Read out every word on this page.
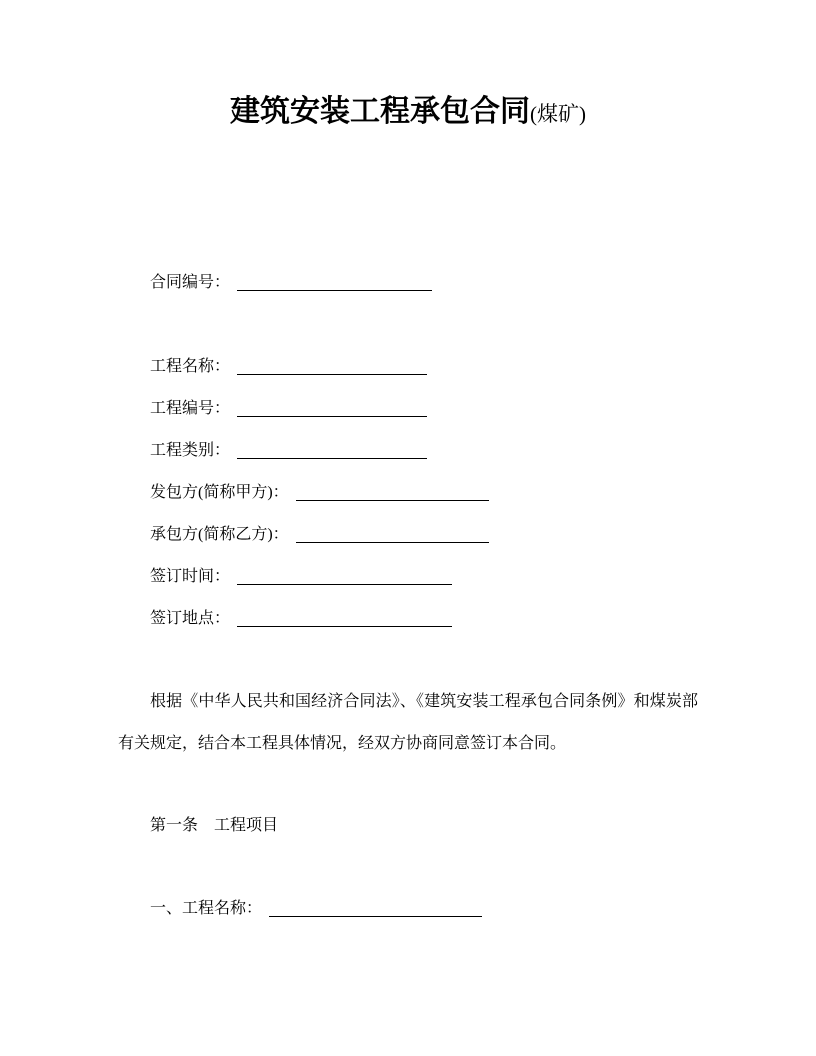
建筑安装工程承包合同(煤矿)
合同编号：
工程名称：
工程编号：
工程类别：
发包方(简称甲方)：
承包方(简称乙方)：
签订时间：
签订地点：

根据《中华人民共和国经济合同法》、《建筑安装工程承包合同条例》和煤炭部有关规定，结合本工程具体情况，经双方协商同意签订本合同。

第一条　工程项目
一、工程名称：
